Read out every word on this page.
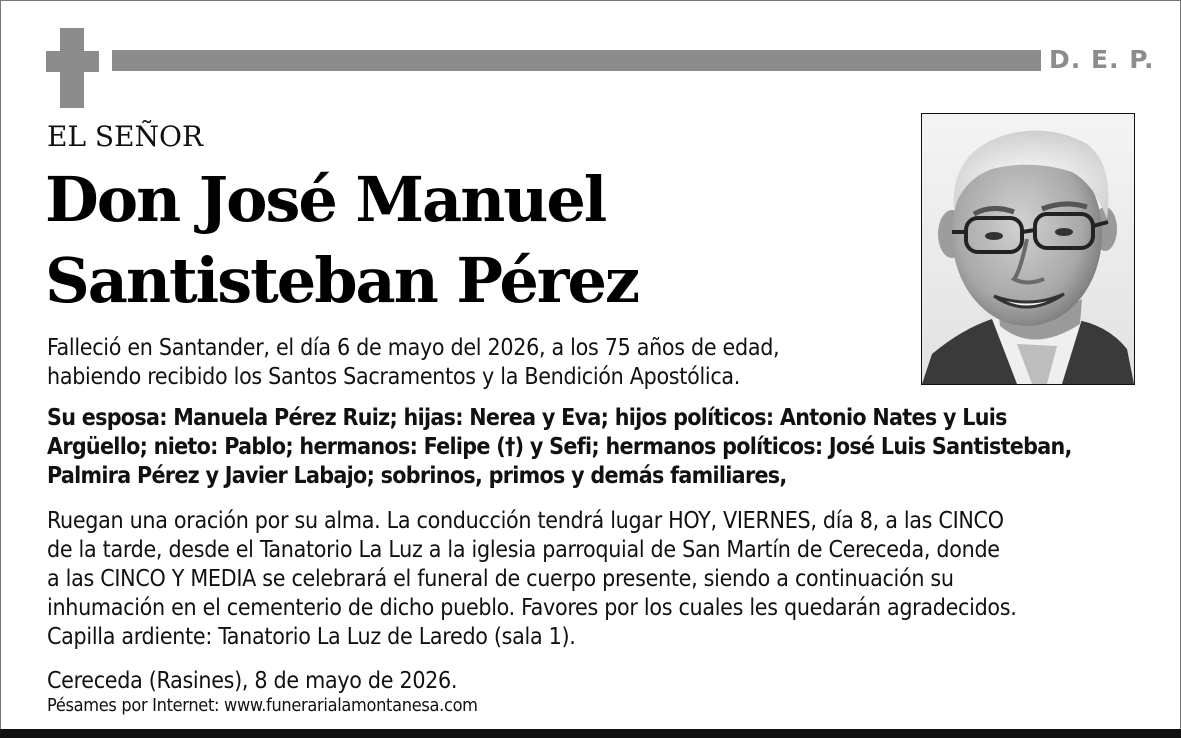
D. E. P.
EL SEÑOR
Don José Manuel
Santisteban Pérez
Falleció en Santander, el día 6 de mayo del 2026, a los 75 años de edad,
habiendo recibido los Santos Sacramentos y la Bendición Apostólica.
Su esposa: Manuela Pérez Ruiz; hijas: Nerea y Eva; hijos políticos: Antonio Nates y Luis
Argüello; nieto: Pablo; hermanos: Felipe (†) y Sefi; hermanos políticos: José Luis Santisteban,
Palmira Pérez y Javier Labajo; sobrinos, primos y demás familiares,
Ruegan una oración por su alma. La conducción tendrá lugar HOY, VIERNES, día 8, a las CINCO
de la tarde, desde el Tanatorio La Luz a la iglesia parroquial de San Martín de Cereceda, donde
a las CINCO Y MEDIA se celebrará el funeral de cuerpo presente, siendo a continuación su
inhumación en el cementerio de dicho pueblo. Favores por los cuales les quedarán agradecidos.
Capilla ardiente: Tanatorio La Luz de Laredo (sala 1).
Cereceda (Rasines), 8 de mayo de 2026.
Pésames por Internet: www.funerarialamontanesa.com
